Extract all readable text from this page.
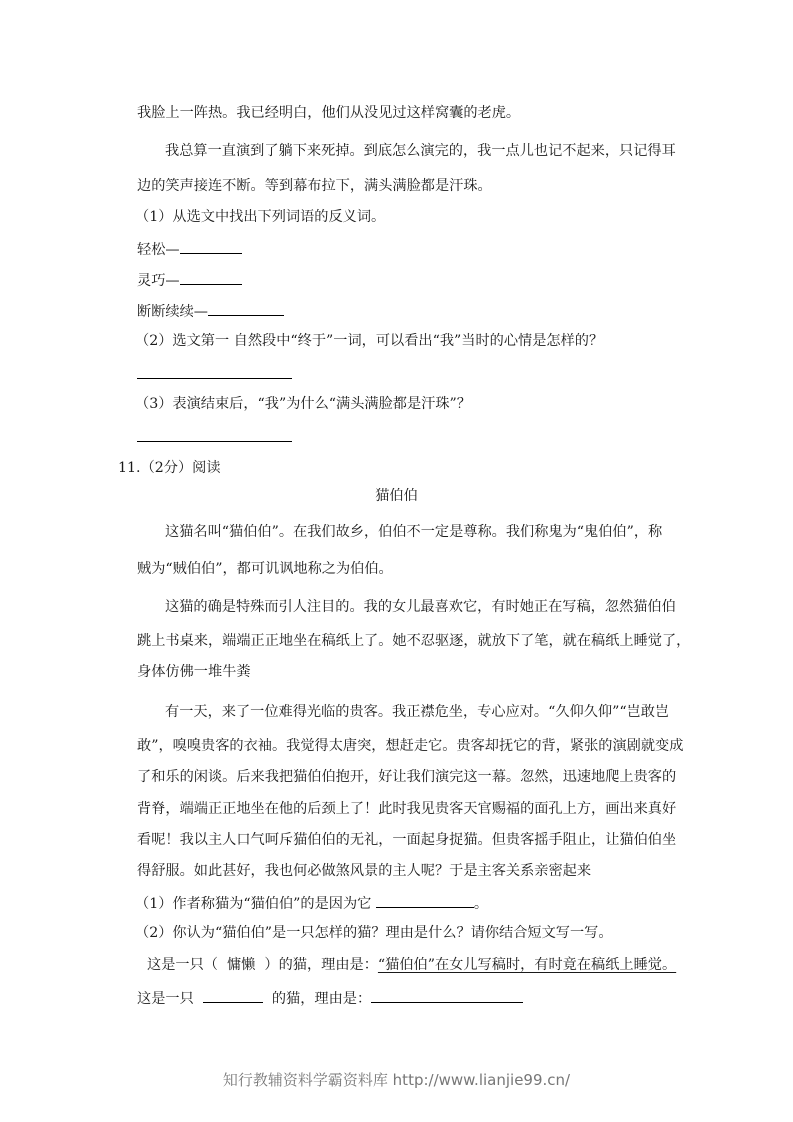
我脸上一阵热。我已经明白，他们从没见过这样窝囊的老虎。
我总算一直演到了躺下来死掉。到底怎么演完的，我一点儿也记不起来，只记得耳
边的笑声接连不断。等到幕布拉下，满头满脸都是汗珠。
（1）从选文中找出下列词语的反义词。
轻松—
灵巧—
断断续续—
（2）选文第一 自然段中“终于”一词，可以看出“我”当时的心情是怎样的？
（3）表演结束后，“我”为什么“满头满脸都是汗珠”？
11.（2分）阅读
猫伯伯
这猫名叫“猫伯伯”。在我们故乡，伯伯不一定是尊称。我们称鬼为“鬼伯伯”，称
贼为“贼伯伯”，都可讥讽地称之为伯伯。
这猫的确是特殊而引人注目的。我的女儿最喜欢它，有时她正在写稿，忽然猫伯伯
跳上书桌来，端端正正地坐在稿纸上了。她不忍驱逐，就放下了笔，就在稿纸上睡觉了，
身体仿佛一堆牛粪
有一天，来了一位难得光临的贵客。我正襟危坐，专心应对。“久仰久仰”“岂敢岂
敢”，嗅嗅贵客的衣袖。我觉得太唐突，想赶走它。贵客却抚它的背，紧张的演剧就变成
了和乐的闲谈。后来我把猫伯伯抱开，好让我们演完这一幕。忽然，迅速地爬上贵客的
背脊，端端正正地坐在他的后颈上了！此时我见贵客天官赐福的面孔上方，画出来真好
看呢！我以主人口气呵斥猫伯伯的无礼，一面起身捉猫。但贵客摇手阻止，让猫伯伯坐
得舒服。如此甚好，我也何必做煞风景的主人呢？于是主客关系亲密起来
（1）作者称猫为“猫伯伯”的是因为它	。
（2）你认为“猫伯伯”是一只怎样的猫？理由是什么？请你结合短文写一写。
这是一只（ 慵懒 ）的猫，理由是：“猫伯伯”在女儿写稿时，有时竟在稿纸上睡觉。
这是一只	的猫，理由是：
知行教辅资料学霸资料库 http://www.lianjie99.cn/
